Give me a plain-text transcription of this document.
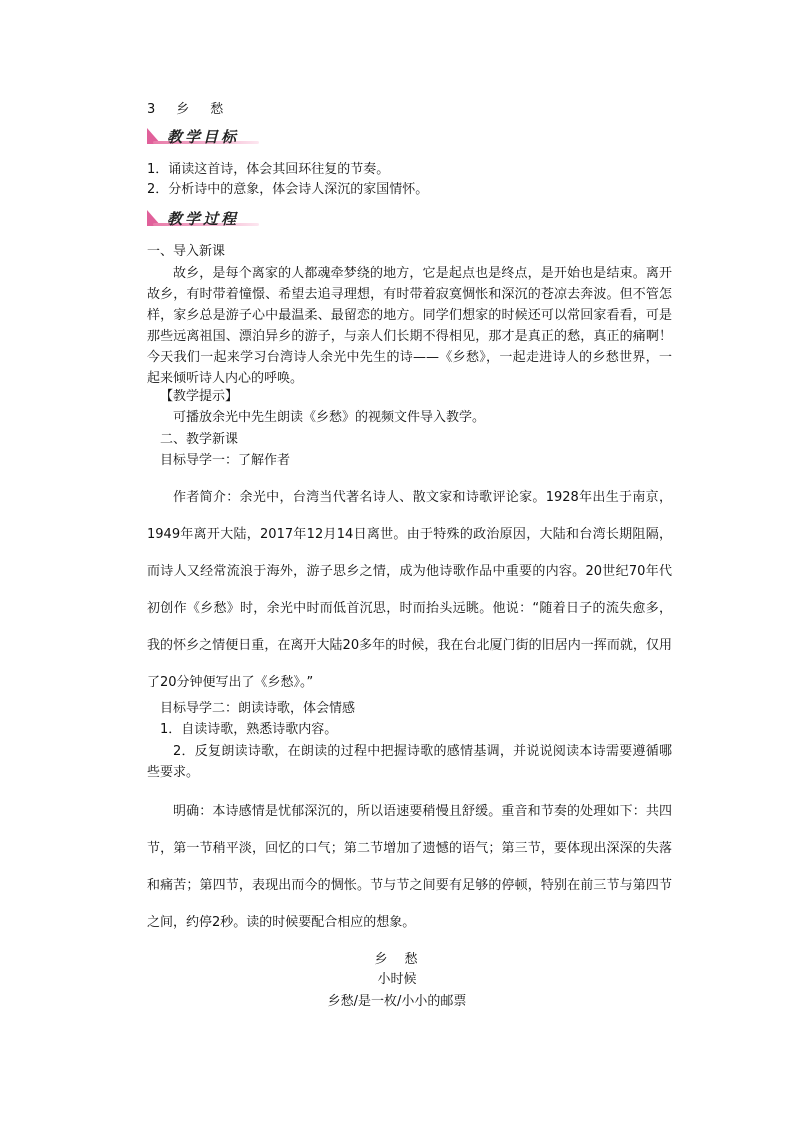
3　乡　愁
教学目标
1．诵读这首诗，体会其回环往复的节奏。
2．分析诗中的意象，体会诗人深沉的家国情怀。
教学过程
一、导入新课
故乡，是每个离家的人都魂牵梦绕的地方，它是起点也是终点，是开始也是结束。离开故乡，有时带着憧憬、希望去追寻理想，有时带着寂寞惆怅和深沉的苍凉去奔波。但不管怎样，家乡总是游子心中最温柔、最留恋的地方。同学们想家的时候还可以常回家看看，可是那些远离祖国、漂泊异乡的游子，与亲人们长期不得相见，那才是真正的愁，真正的痛啊！今天我们一起来学习台湾诗人余光中先生的诗——《乡愁》，一起走进诗人的乡愁世界，一起来倾听诗人内心的呼唤。
【教学提示】
可播放余光中先生朗读《乡愁》的视频文件导入教学。
二、教学新课
目标导学一：了解作者
作者简介：余光中，台湾当代著名诗人、散文家和诗歌评论家。1928年出生于南京，1949年离开大陆，2017年12月14日离世。由于特殊的政治原因，大陆和台湾长期阻隔，而诗人又经常流浪于海外，游子思乡之情，成为他诗歌作品中重要的内容。20世纪70年代初创作《乡愁》时，余光中时而低首沉思，时而抬头远眺。他说：“随着日子的流失愈多，我的怀乡之情便日重，在离开大陆20多年的时候，我在台北厦门街的旧居内一挥而就，仅用了20分钟便写出了《乡愁》。”
目标导学二：朗读诗歌，体会情感
1．自读诗歌，熟悉诗歌内容。
2．反复朗读诗歌，在朗读的过程中把握诗歌的感情基调，并说说阅读本诗需要遵循哪些要求。
明确：本诗感情是忧郁深沉的，所以语速要稍慢且舒缓。重音和节奏的处理如下：共四节，第一节稍平淡，回忆的口气；第二节增加了遗憾的语气；第三节，要体现出深深的失落和痛苦；第四节，表现出而今的惆怅。节与节之间要有足够的停顿，特别在前三节与第四节之间，约停2秒。读的时候要配合相应的想象。
乡　愁
小时候
乡愁/是一枚/小小的邮票
